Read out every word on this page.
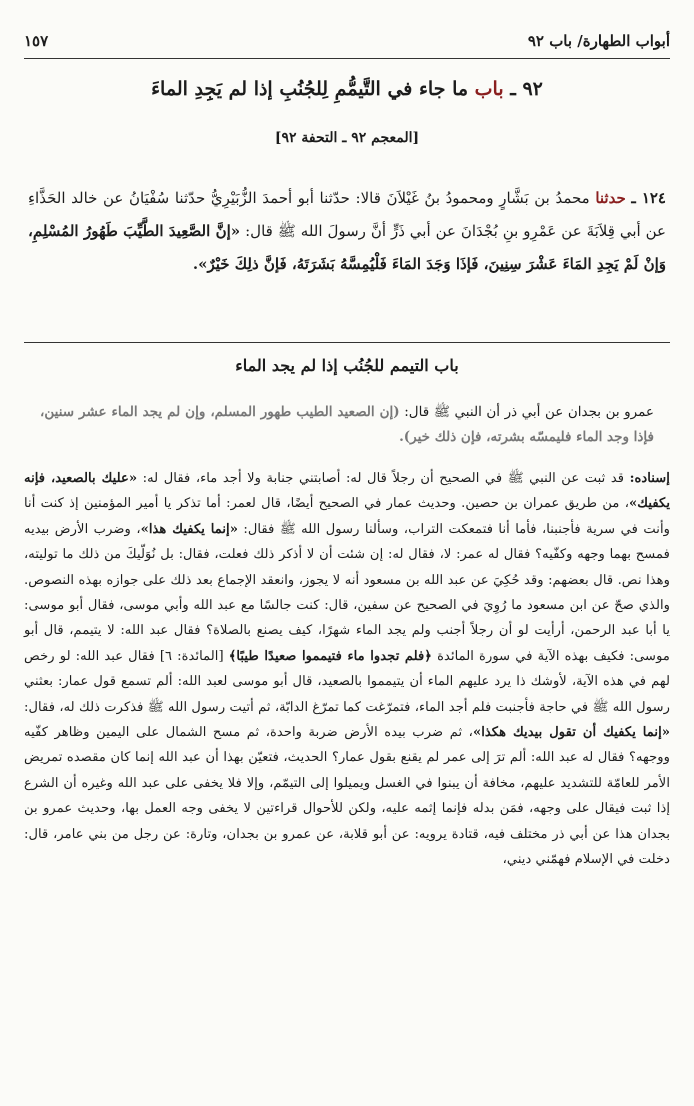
أبواب الطهارة/ باب ٩٢
١٥٧
٩٢ ـ باب ما جاء في التَّيمُّمِ لِلجُنُبِ إذا لم يَجِدِ الماءَ
[المعجم ٩٢ ـ التحفة ٩٢]
١٢٤ ـ حدثنا محمدُ بن بَشَّارٍ ومحمودُ بنُ غَيْلاَنَ قالا: حدّثنا أبو أحمدَ الزُّبَيْرِيُّ حدّثنا سُفْيَانُ عن خالد الحَذَّاءِ عن أبي قِلاَبَةَ عن عَمْرِو بنِ بُجْدَانَ عن أبي ذَرٍّ أنَّ رسولَ الله ﷺ قال: «إنَّ الصَّعِيدَ الطَّيِّبَ طَهُورُ المُسْلِمِ، وَإنْ لَمْ يَجِدِ المَاءَ عَشْرَ سِنِينَ، فَإذَا وَجَدَ المَاءَ فَلْيُمِسَّهُ بَشَرَتَهُ، فَإنَّ ذلِكَ خَيْرٌ».
باب التيمم للجُنُب إذا لم يجد الماء
عمرو بن بجدان عن أبي ذر أن النبي ﷺ قال: (إن الصعيد الطيب طهور المسلم، وإن لم يجد الماء عشر سنين، فإذا وجد الماء فليمسّه بشرته، فإن ذلك خير).
إسناده: قد ثبت عن النبي ﷺ في الصحيح أن رجلاً قال له: أصابتني جنابة ولا أجد ماء، فقال له: «عليك بالصعيد، فإنه يكفيك»، من طريق عمران بن حصين. وحديث عمار في الصحيح أيضًا، قال لعمر: أما تذكر يا أمير المؤمنين إذ كنت أنا وأنت في سرية فأجنبنا، فأما أنا فتمعكت التراب، وسألنا رسول الله ﷺ فقال: «إنما يكفيك هذا»، وضرب الأرض بيديه فمسح بهما وجهه وكفّيه؟ فقال له عمر: لا، فقال له: إن شئت أن لا أذكر ذلك فعلت، فقال: بل نُوَلّيكَ من ذلك ما توليته، وهذا نص. قال بعضهم: وقد حُكِيَ عن عبد الله بن مسعود أنه لا يجوز، وانعقد الإجماع بعد ذلك على جوازه بهذه النصوص. والذي صحّ عن ابن مسعود ما رُوِيَ في الصحيح عن سفين، قال: كنت جالسًا مع عبد الله وأبي موسى، فقال أبو موسى: يا أبا عبد الرحمن، أرأيت لو أن رجلاً أجنب ولم يجد الماء شهرًا، كيف يصنع بالصلاة؟ فقال عبد الله: لا يتيمم، قال أبو موسى: فكيف بهذه الآية في سورة المائدة ﴿فلم تجدوا ماء فتيمموا صعيدًا طيبًا﴾ [المائدة: ٦] فقال عبد الله: لو رخص لهم في هذه الآية، لأوشك ذا يرد عليهم الماء أن يتيمموا بالصعيد، قال أبو موسى لعبد الله: ألم تسمع قول عمار: بعثني رسول الله ﷺ في حاجة فأجنبت فلم أجد الماء، فتمرّغت كما تمرّغ الدابّة، ثم أتيت رسول الله ﷺ فذكرت ذلك له، فقال: «إنما يكفيك أن تقول بيديك هكذا»، ثم ضرب بيده الأرض ضربة واحدة، ثم مسح الشمال على اليمين وظاهر كفّيه ووجهه؟ فقال له عبد الله: ألم ترَ إلى عمر لم يقنع بقول عمار؟ الحديث، فتعيّن بهذا أن عبد الله إنما كان مقصده تمريض الأمر للعامّة للتشديد عليهم، مخافة أن يبنوا في الغسل ويميلوا إلى التيمّم، وإلا فلا يخفى على عبد الله وغيره أن الشرع إذا ثبت فيقال على وجهه، فمَن بدله فإنما إثمه عليه، ولكن للأحوال قراءتين لا يخفى وجه العمل بها، وحديث عمرو بن بجدان هذا عن أبي ذر مختلف فيه، قتادة يرويه: عن أبو قلابة، عن عمرو بن بجدان، وتارة: عن رجل من بني عامر، قال: دخلت في الإسلام فهمّني ديني،
